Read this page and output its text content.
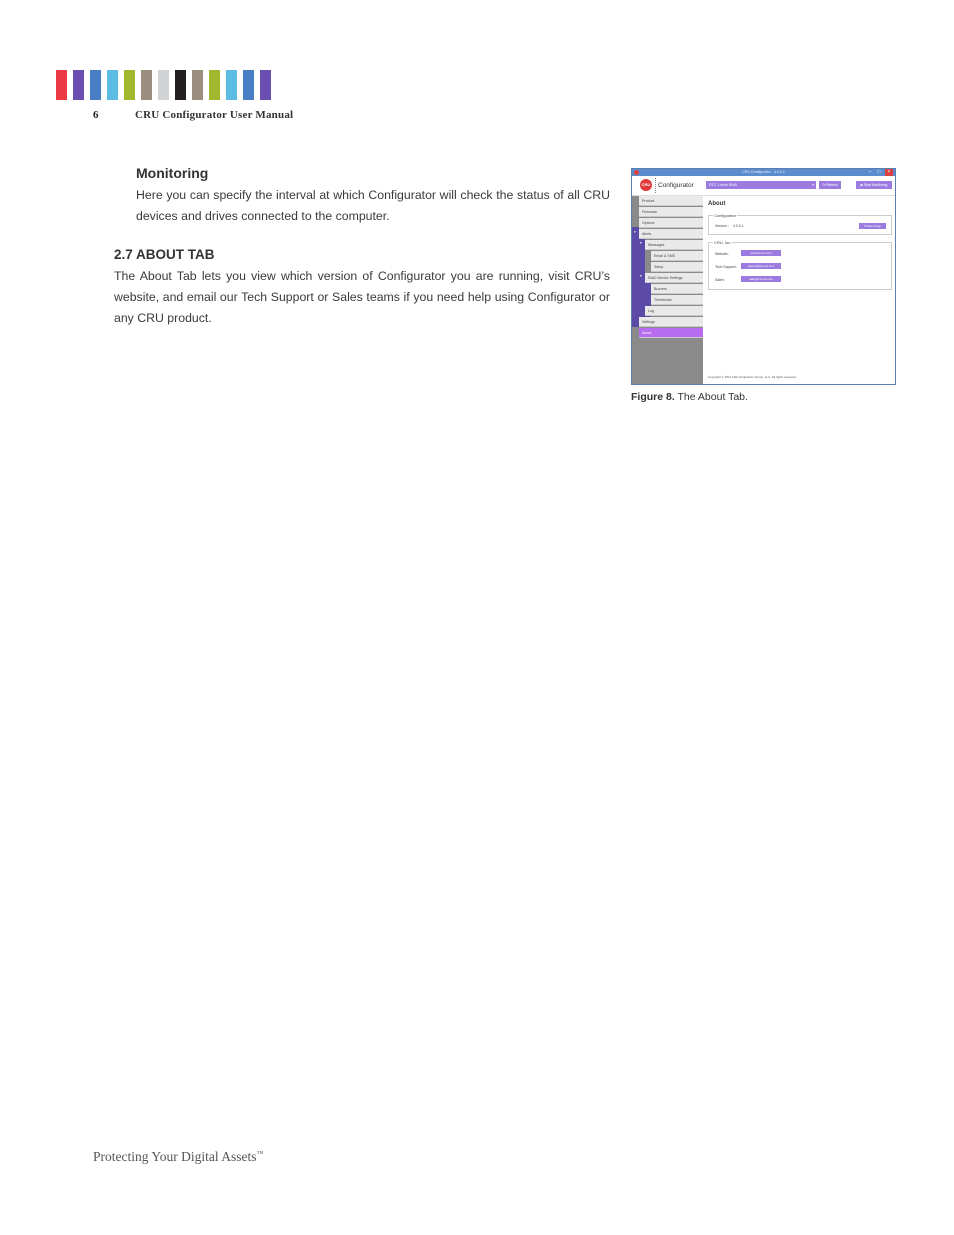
6	CRU Configurator User Manual
Monitoring

Here you can specify the interval at which Configurator will check the status of all CRU devices and drives connected to the computer.

2.7 ABOUT TAB

The About Tab lets you view which version of Configurator you are running, visit CRU’s website, and email our Tech Support or Sales teams if you need help using Configurator or any CRU product.

CRU Configurator - 4.0.0.1	–	□	×
CRU Configurator	DTC 2-drive RAID	▾	⟳ Refresh	▶ Start Monitoring
▾
▾
▾
Product
Firmware
Options
Alerts
Messages
Email & SMS
Setup
RAID Device Settings
Buzzers
Thresholds
Log
Settings
About
About
Configurator
Version : 4.0.0.1	Product Page
CRU, Inc.
Website:	www.cru-inc.com
Tech Support:	support@cru-inc.com
Sales:	sales@cru-inc.com
Copyright © 2014 CRU Acquisition Group, LLC. All rights reserved.
Figure 8. The About Tab.
Protecting Your Digital Assets™
